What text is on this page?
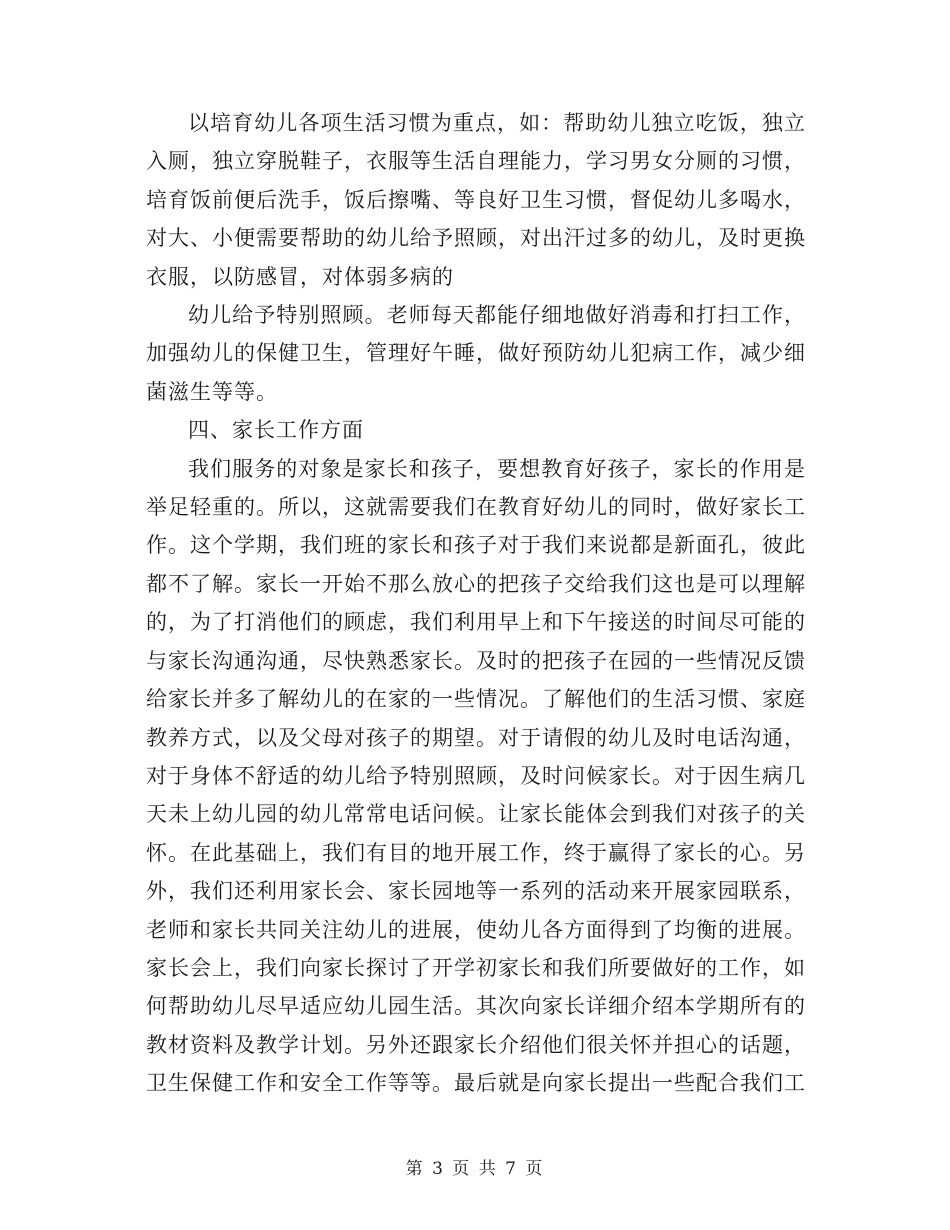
以培育幼儿各项生活习惯为重点，如：帮助幼儿独立吃饭，独立入厕，独立穿脱鞋子，衣服等生活自理能力，学习男女分厕的习惯，培育饭前便后洗手，饭后擦嘴、等良好卫生习惯，督促幼儿多喝水，对大、小便需要帮助的幼儿给予照顾，对出汗过多的幼儿，及时更换衣服，以防感冒，对体弱多病的

幼儿给予特别照顾。老师每天都能仔细地做好消毒和打扫工作，加强幼儿的保健卫生，管理好午睡，做好预防幼儿犯病工作，减少细菌滋生等等。

四、家长工作方面

我们服务的对象是家长和孩子，要想教育好孩子，家长的作用是举足轻重的。所以，这就需要我们在教育好幼儿的同时，做好家长工作。这个学期，我们班的家长和孩子对于我们来说都是新面孔，彼此都不了解。家长一开始不那么放心的把孩子交给我们这也是可以理解的，为了打消他们的顾虑，我们利用早上和下午接送的时间尽可能的与家长沟通沟通，尽快熟悉家长。及时的把孩子在园的一些情况反馈给家长并多了解幼儿的在家的一些情况。了解他们的生活习惯、家庭教养方式，以及父母对孩子的期望。对于请假的幼儿及时电话沟通，对于身体不舒适的幼儿给予特别照顾，及时问候家长。对于因生病几天未上幼儿园的幼儿常常电话问候。让家长能体会到我们对孩子的关怀。在此基础上，我们有目的地开展工作，终于赢得了家长的心。另外，我们还利用家长会、家长园地等一系列的活动来开展家园联系，老师和家长共同关注幼儿的进展，使幼儿各方面得到了均衡的进展。家长会上，我们向家长探讨了开学初家长和我们所要做好的工作，如何帮助幼儿尽早适应幼儿园生活。其次向家长详细介绍本学期所有的教材资料及教学计划。另外还跟家长介绍他们很关怀并担心的话题，卫生保健工作和安全工作等等。最后就是向家长提出一些配合我们工

第 3 页 共 7 页
